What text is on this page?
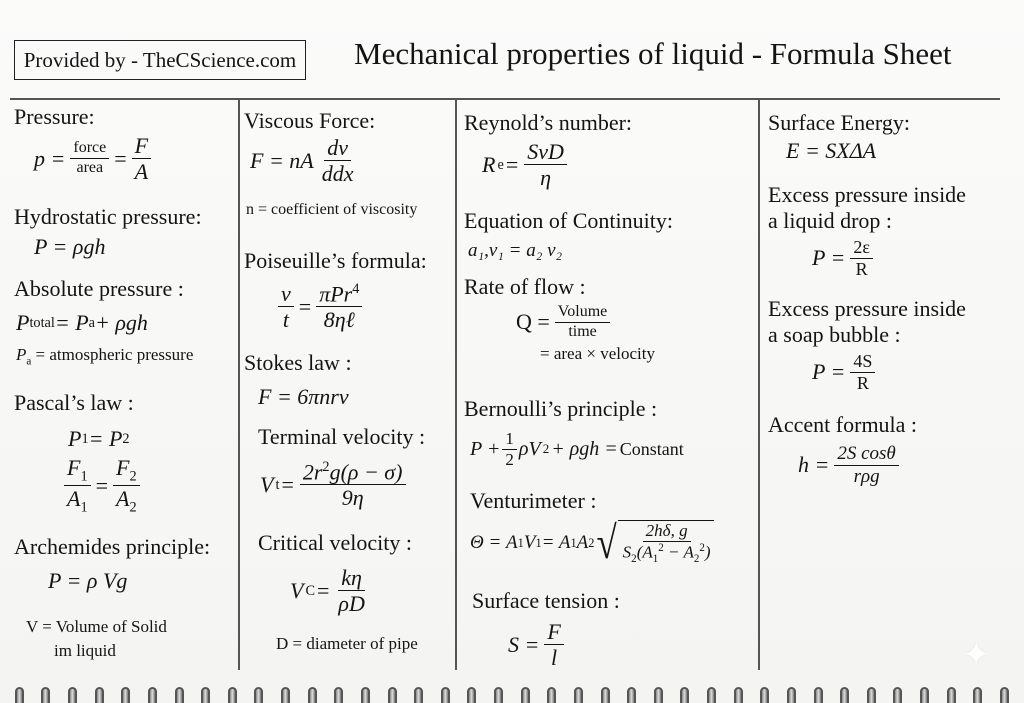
Provided by - TheCScience.com	Mechanical properties of liquid - Formula Sheet
Pressure:
$p = \frac{\text{force}}{\text{area}} = \frac{F}{A}$
Hydrostatic pressure:
P = ρgh
Absolute pressure :
P total = P a + ρgh
$P_a$ = atmospheric pressure
Pascal’s law :
P 1 = P 2
$\frac{F_1}{A_1} = \frac{F_2}{A_2}$
Archemides principle:
P = ρ Vg
V = Volume of Solid
im liquid
Viscous Force:
F = nA $\frac{dv}{\text{ddx}}$
n = coefficient of viscosity
Poiseuille’s formula:
$\frac{v}{t} = \frac{\pi Pr^4}{\text{8ηℓ}}$
Stokes law :
F = 6πnrv
Terminal velocity :
V $t = \frac{2r^2g(\rho - \sigma)}{9\eta}$
Critical velocity :
V $C = \frac{k\eta}{\rho D}$
D = diameter of pipe
Reynold’s number:
R $e = \frac{\text{SvD}}{\eta}$
Equation of Continuity:
a₁,v₁ = a₂ v₂
Rate of flow :
$Q = \frac{\text{Volume}}{\text{time}}$
= area × velocity
Bernoulli’s principle :
$P + \frac{1}{2}$ ρV 2 + ρgh = Constant
Venturimeter :
Θ = A 1 V 1 = A 1 A 2 √ $\frac{2h\delta, g}{S_2(A_1^2 - A_2^2)}$
Surface tension :
$S = \frac{F}{l}$
Surface Energy:
E = SXΔA
Excess pressure inside
a liquid drop :
$P = \frac{2\varepsilon}{R}$
Excess pressure inside
a soap bubble :
$P = \frac{4S}{R}$
Accent formula :
$h = \frac{\text{2S cosθ}}{\text{rρg}}$
✦
